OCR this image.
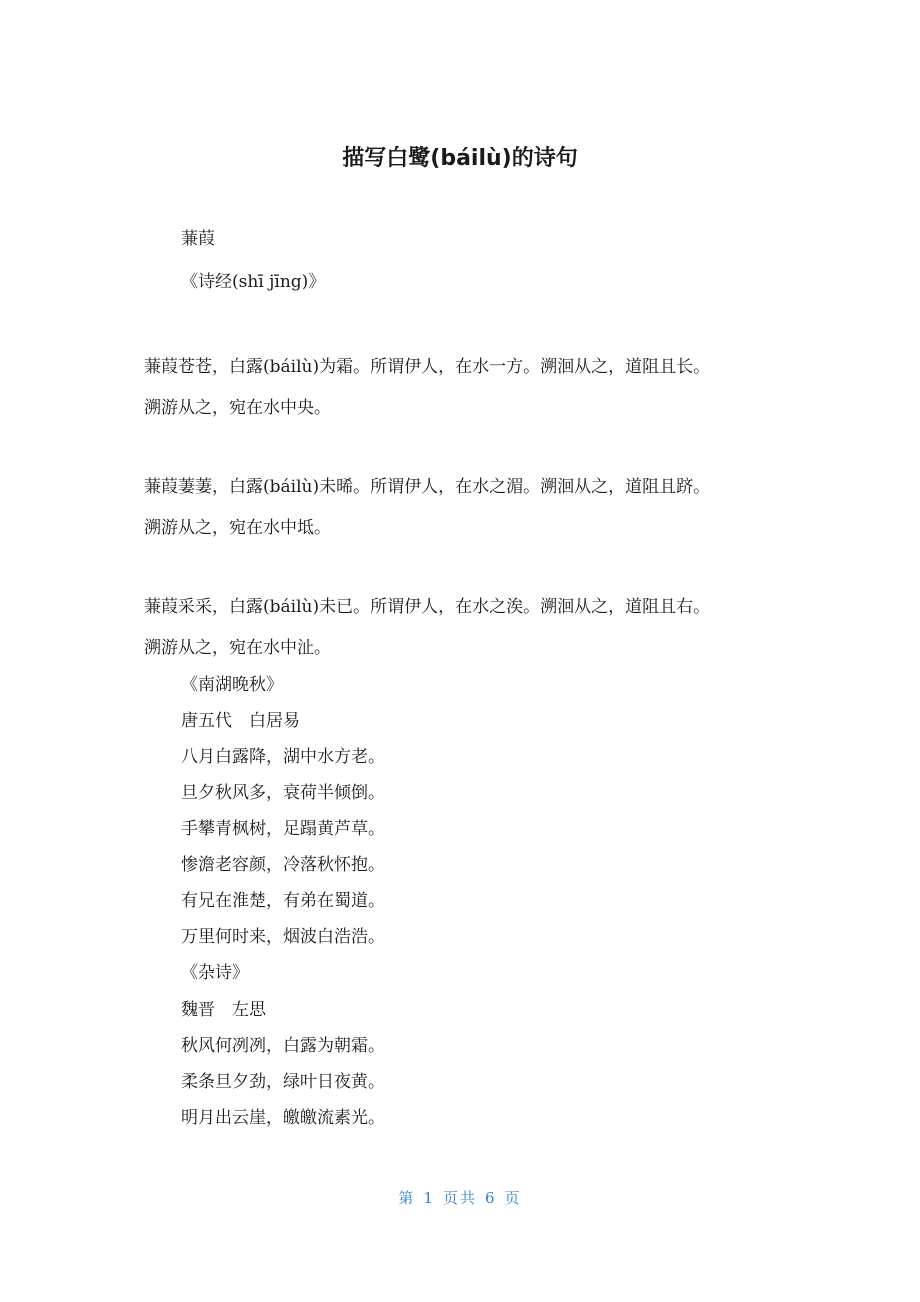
描写白鹭(báilù)的诗句

蒹葭

《诗经(shī jīng)》

蒹葭苍苍，白露(báilù)为霜。所谓伊人，在水一方。溯洄从之，道阻且长。

溯游从之，宛在水中央。

蒹葭萋萋，白露(báilù)未晞。所谓伊人，在水之湄。溯洄从之，道阻且跻。

溯游从之，宛在水中坻。

蒹葭采采，白露(báilù)未已。所谓伊人，在水之涘。溯洄从之，道阻且右。

溯游从之，宛在水中沚。

《南湖晚秋》

唐五代　白居易

八月白露降，湖中水方老。

旦夕秋风多，衰荷半倾倒。

手攀青枫树，足蹋黄芦草。

惨澹老容颜，冷落秋怀抱。

有兄在淮楚，有弟在蜀道。

万里何时来，烟波白浩浩。

《杂诗》

魏晋　左思

秋风何冽冽，白露为朝霜。

柔条旦夕劲，绿叶日夜黄。

明月出云崖，皦皦流素光。

第 1 页共 6 页
